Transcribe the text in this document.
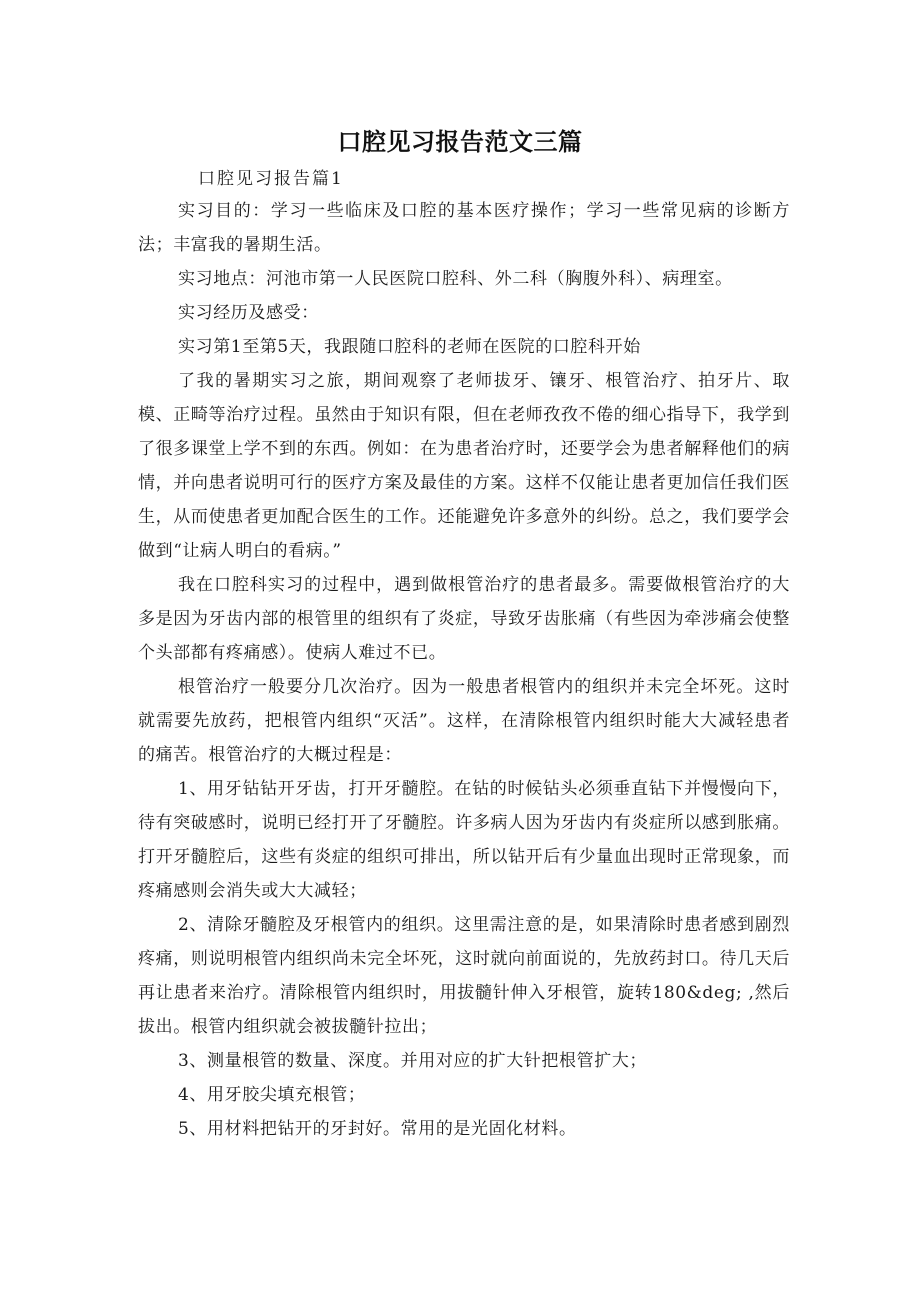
口腔见习报告范文三篇

口腔见习报告篇1

实习目的：学习一些临床及口腔的基本医疗操作；学习一些常见病的诊断方法；丰富我的暑期生活。

实习地点：河池市第一人民医院口腔科、外二科（胸腹外科）、病理室。

实习经历及感受：

实习第1至第5天，我跟随口腔科的老师在医院的口腔科开始

了我的暑期实习之旅，期间观察了老师拔牙、镶牙、根管治疗、拍牙片、取模、正畸等治疗过程。虽然由于知识有限，但在老师孜孜不倦的细心指导下，我学到了很多课堂上学不到的东西。例如：在为患者治疗时，还要学会为患者解释他们的病情，并向患者说明可行的医疗方案及最佳的方案。这样不仅能让患者更加信任我们医生，从而使患者更加配合医生的工作。还能避免许多意外的纠纷。总之，我们要学会做到“让病人明白的看病。”

我在口腔科实习的过程中，遇到做根管治疗的患者最多。需要做根管治疗的大多是因为牙齿内部的根管里的组织有了炎症，导致牙齿胀痛（有些因为牵涉痛会使整个头部都有疼痛感）。使病人难过不已。

根管治疗一般要分几次治疗。因为一般患者根管内的组织并未完全坏死。这时就需要先放药，把根管内组织“灭活”。这样，在清除根管内组织时能大大减轻患者的痛苦。根管治疗的大概过程是：

1、用牙钻钻开牙齿，打开牙髓腔。在钻的时候钻头必须垂直钻下并慢慢向下，待有突破感时，说明已经打开了牙髓腔。许多病人因为牙齿内有炎症所以感到胀痛。打开牙髓腔后，这些有炎症的组织可排出，所以钻开后有少量血出现时正常现象，而疼痛感则会消失或大大减轻；

2、清除牙髓腔及牙根管内的组织。这里需注意的是，如果清除时患者感到剧烈疼痛，则说明根管内组织尚未完全坏死，这时就向前面说的，先放药封口。待几天后再让患者来治疗。清除根管内组织时，用拔髓针伸入牙根管，旋转180&deg; ,然后拔出。根管内组织就会被拔髓针拉出；

3、测量根管的数量、深度。并用对应的扩大针把根管扩大；

4、用牙胶尖填充根管；

5、用材料把钻开的牙封好。常用的是光固化材料。
